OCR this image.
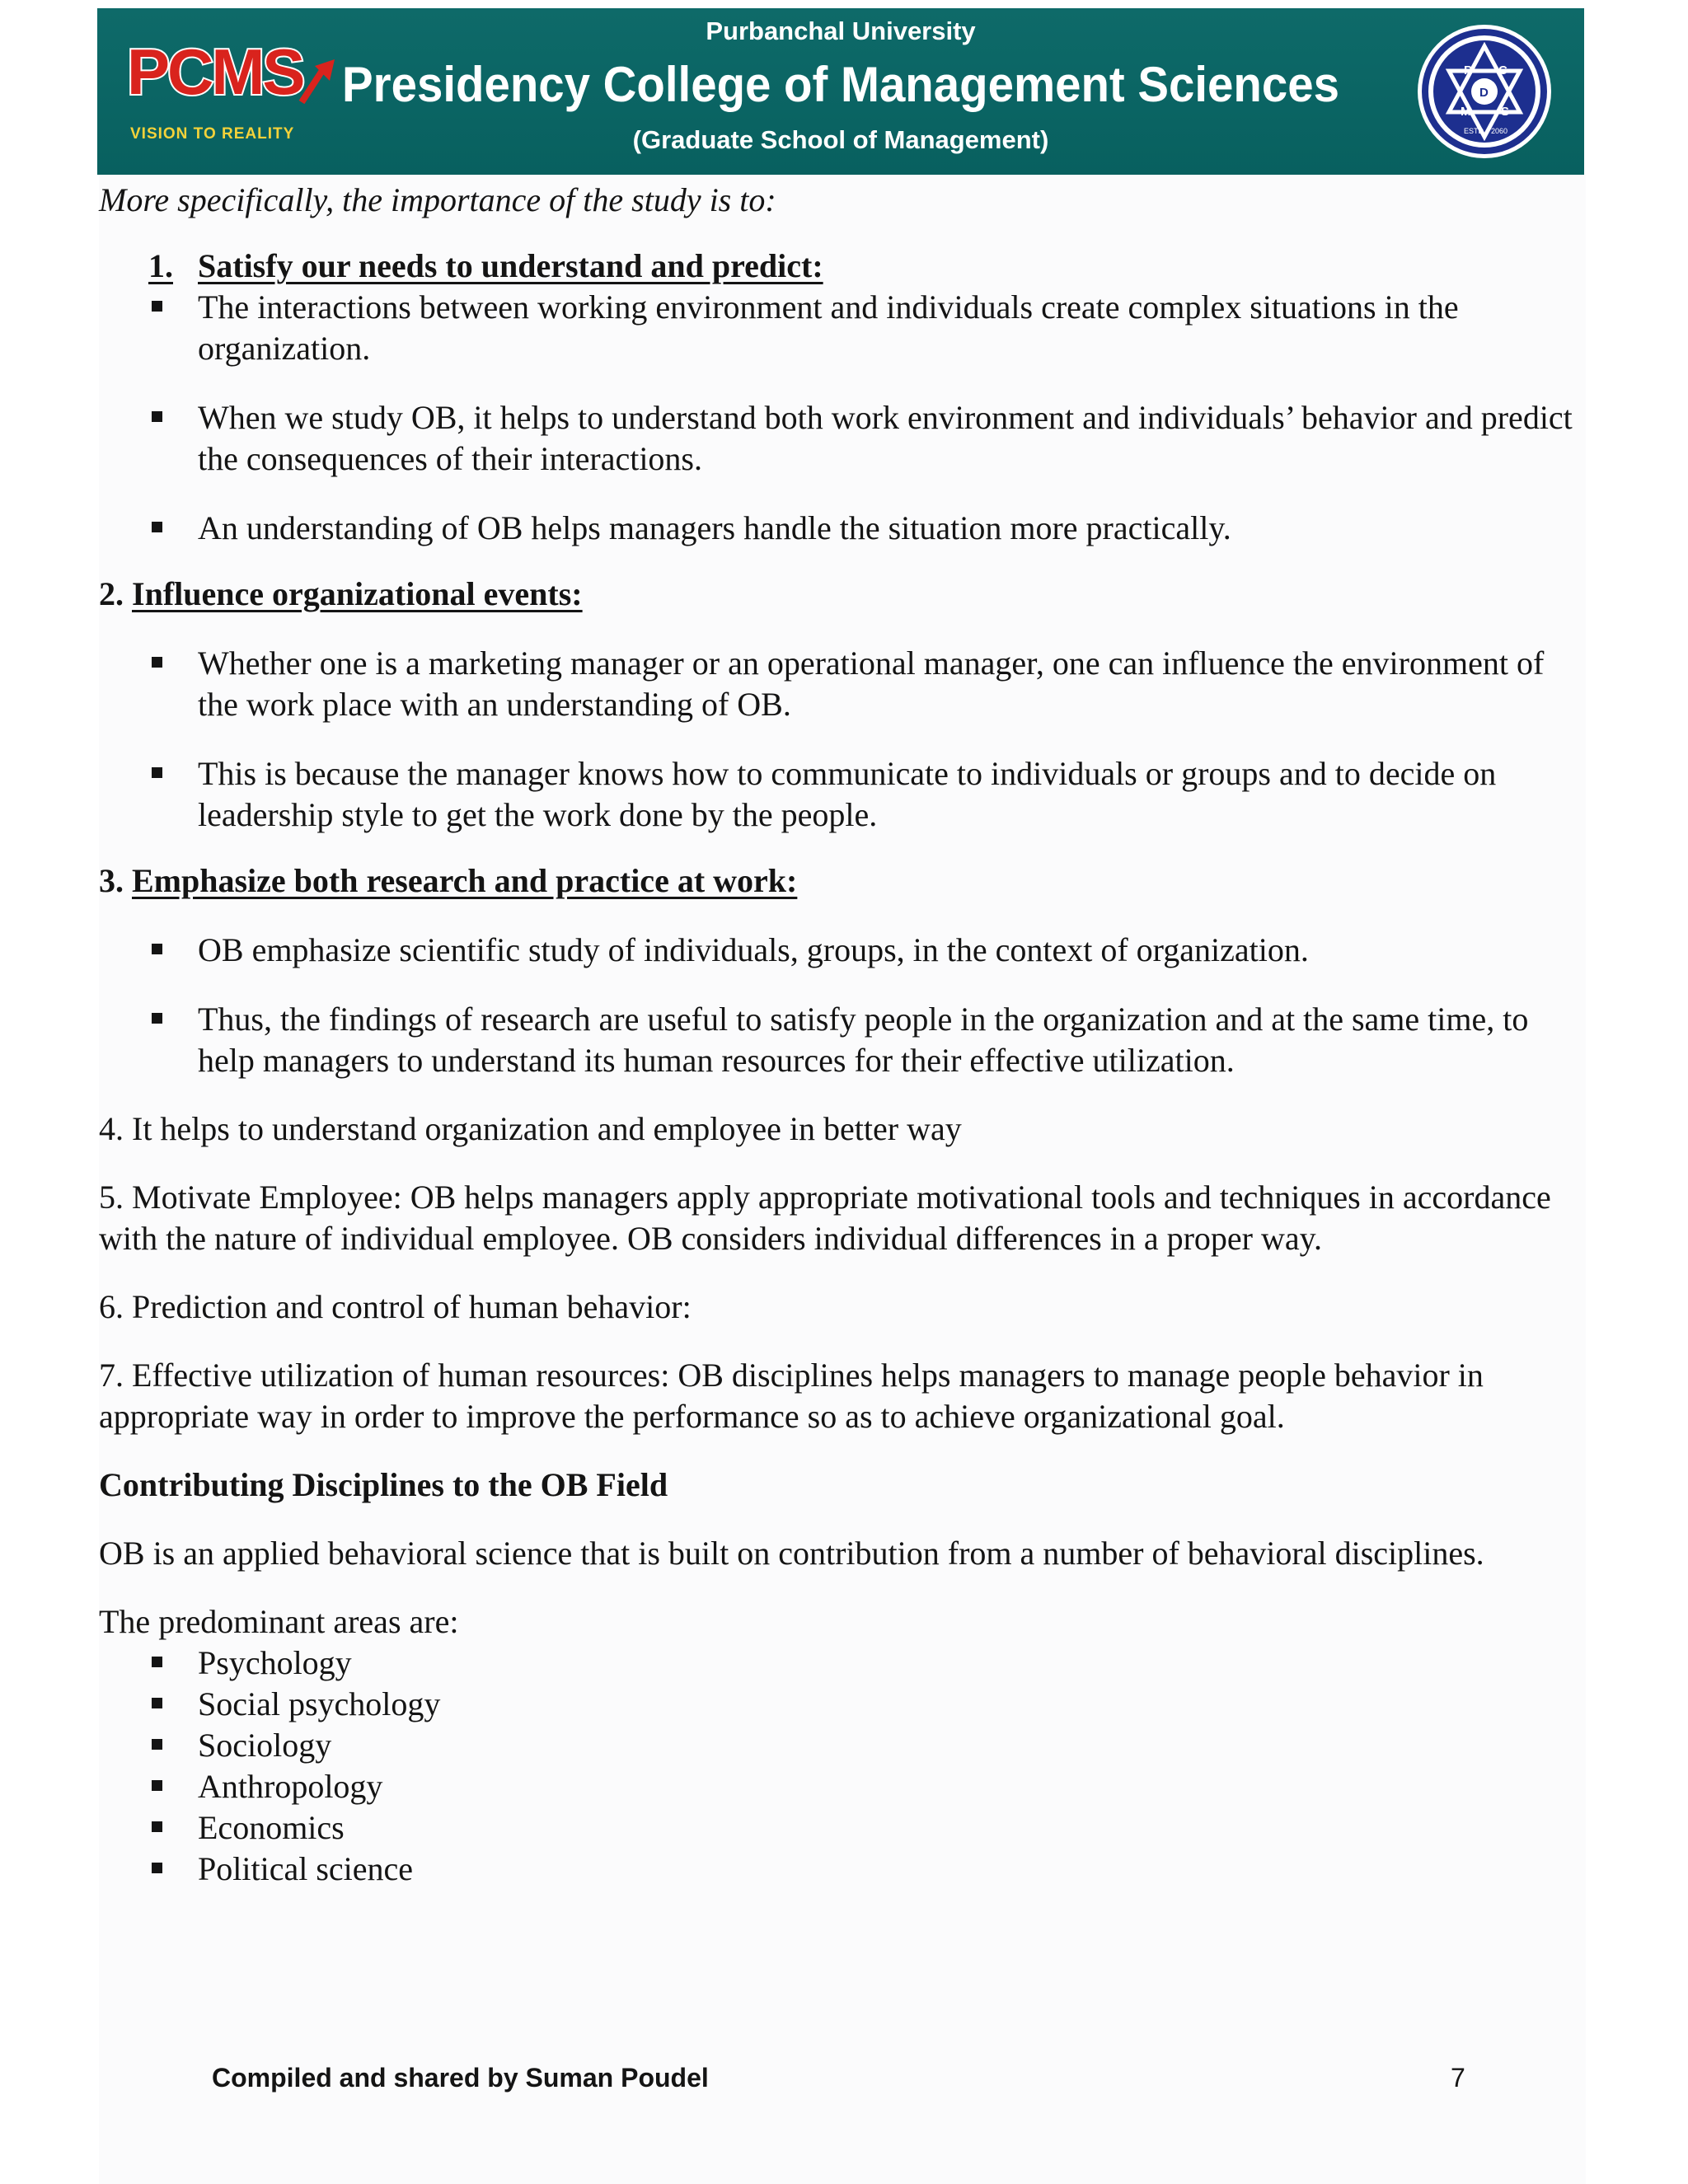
PCMS
VISION TO REALITY
Purbanchal University
Presidency College of Management Sciences
(Graduate School of Management)
P C
M
D
S
ESTD 2060

More specifically, the importance of the study is to:

1. Satisfy our needs to understand and predict:

The interactions between working environment and individuals create complex situations in the organization.
When we study OB, it helps to understand both work environment and individuals’ behavior and predict the consequences of their interactions.
An understanding of OB helps managers handle the situation more practically.

2. Influence organizational events:

Whether one is a marketing manager or an operational manager, one can influence the environment of the work place with an understanding of OB.
This is because the manager knows how to communicate to individuals or groups and to decide on leadership style to get the work done by the people.

3. Emphasize both research and practice at work:

OB emphasize scientific study of individuals, groups, in the context of organization.
Thus, the findings of research are useful to satisfy people in the organization and at the same time, to help managers to understand its human resources for their effective utilization.

4. It helps to understand organization and employee in better way

5. Motivate Employee: OB helps managers apply appropriate motivational tools and techniques in accordance with the nature of individual employee. OB considers individual differences in a proper way.

6. Prediction and control of human behavior:

7. Effective utilization of human resources: OB disciplines helps managers to manage people behavior in appropriate way in order to improve the performance so as to achieve organizational goal.

Contributing Disciplines to the OB Field

OB is an applied behavioral science that is built on contribution from a number of behavioral disciplines.

The predominant areas are:

Psychology
Social psychology
Sociology
Anthropology
Economics
Political science
Compiled and shared by Suman Poudel	7
